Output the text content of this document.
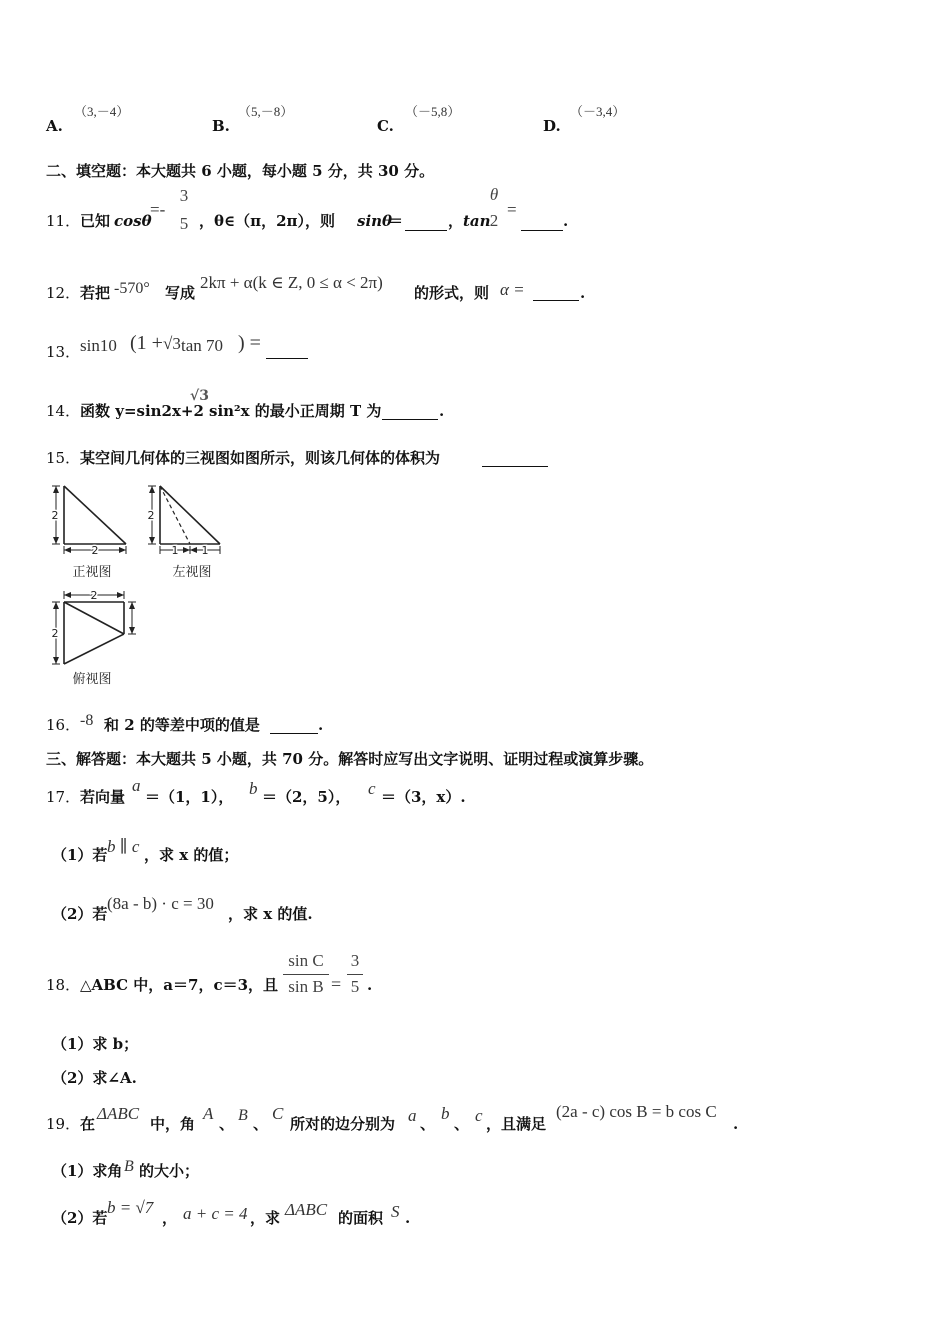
A.
（3,－4）
B.
（5,－8）
C.
（－5,8）
D.
（－3,4）
二、填空题：本大题共 6 小题，每小题 5 分，共 30 分。
11． 已知 cosθ
=-
3
5 ，θ∈（π，2π），则 sinθ
＝	， tan
θ
2
=
.
12． 若把 -570° 写成
2kπ + α(k ∈ Z, 0 ≤ α < 2π)
的形式，则 α =	.
13． sin10 (1 + √3 tan 70 ) =
14． 函数 y=sin2x+2
√3
sin²x 的最小正周期 T 为	.
15． 某空间几何体的三视图如图所示，则该几何体的体积为
2
2
正视图
2
1 1
左视图
2
2
俯视图
16． -8 和 2 的等差中项的值是	.
三、解答题：本大题共 5 小题，共 70 分。解答时应写出文字说明、证明过程或演算步骤。
17． 若向量
a
＝（1，1）， b ＝（2，5）， c ＝（3，x）.
（1）若 b ∥ c ，求 x 的值；
（2）若
(8a - b) · c = 30
，求 x 的值.
18． △ABC 中，a＝7，c＝3，且 $\frac{\text{sin C}}{\text{sin B}} = \frac{3}{5}$ .
（1）求 b；
（2）求∠A.
19． 在
ΔABC
中，角
A
、 B 、
C
所对的边分别为 a 、
b
、 c ，且满足
(2a - c) cos B = b cos C
.
（1）求角 B 的大小；
（2）若
b = √7
， a + c = 4 ，求 ΔABC 的面积 S .
